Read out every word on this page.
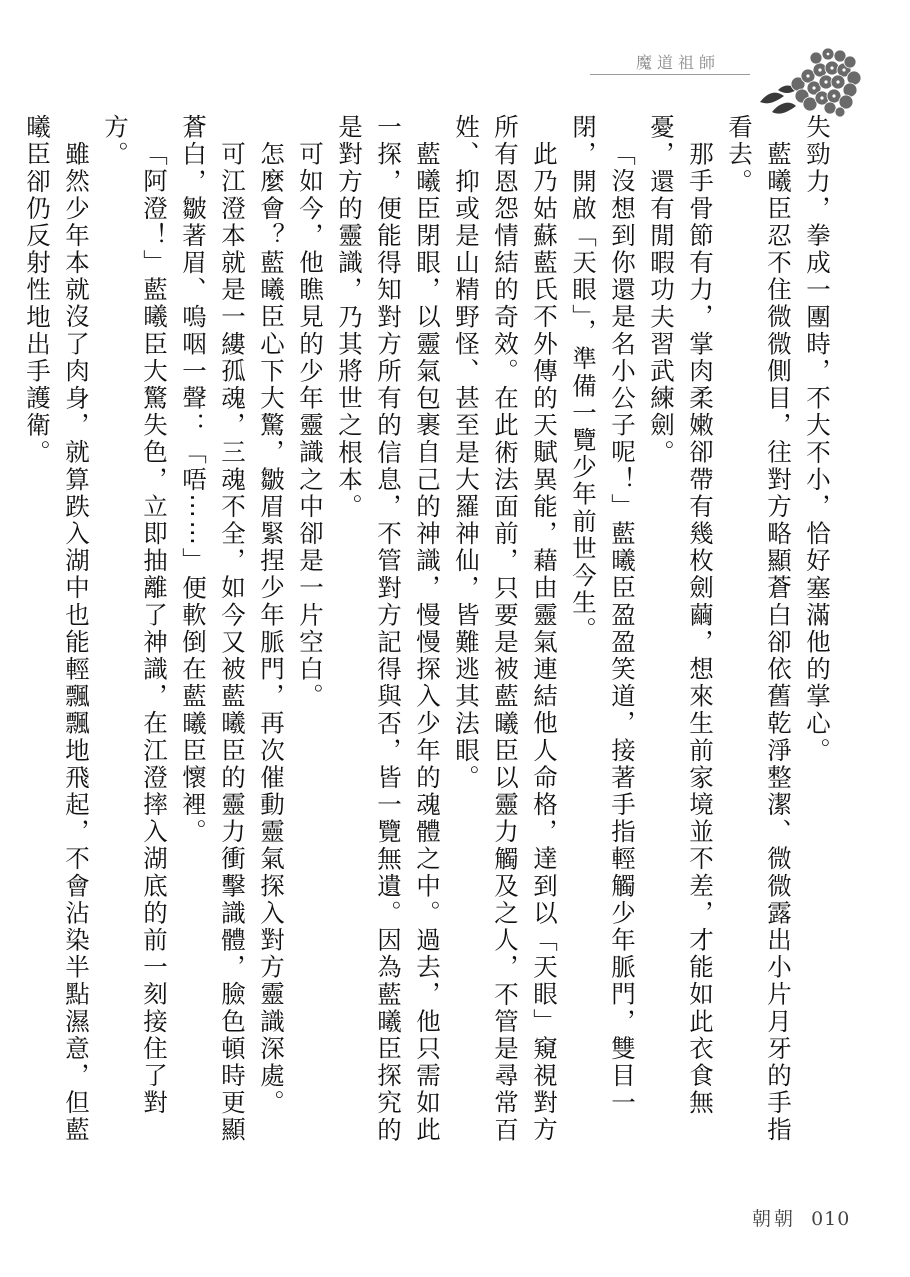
魔道祖師

失勁力，拳成一團時，不大不小，恰好塞滿他的掌心。

藍曦臣忍不住微微側目，往對方略顯蒼白卻依舊乾淨整潔、微微露出小片月牙的手指看去。

那手骨節有力，掌肉柔嫩卻帶有幾枚劍繭，想來生前家境並不差，才能如此衣食無憂，還有閒暇功夫習武練劍。

「沒想到你還是名小公子呢！」藍曦臣盈盈笑道，接著手指輕觸少年脈門，雙目一閉，開啟「天眼」，準備一覽少年前世今生。

此乃姑蘇藍氏不外傳的天賦異能，藉由靈氣連結他人命格，達到以「天眼」窺視對方所有恩怨情結的奇效。在此術法面前，只要是被藍曦臣以靈力觸及之人，不管是尋常百姓、抑或是山精野怪、甚至是大羅神仙，皆難逃其法眼。

藍曦臣閉眼，以靈氣包裹自己的神識，慢慢探入少年的魂體之中。過去，他只需如此一探，便能得知對方所有的信息，不管對方記得與否，皆一覽無遺。因為藍曦臣探究的是對方的靈識，乃其將世之根本。

可如今，他瞧見的少年靈識之中卻是一片空白。

怎麼會？藍曦臣心下大驚，皺眉緊捏少年脈門，再次催動靈氣探入對方靈識深處。

可江澄本就是一縷孤魂，三魂不全，如今又被藍曦臣的靈力衝擊識體，臉色頓時更顯蒼白，皺著眉、嗚咽一聲：「唔⋯⋯」便軟倒在藍曦臣懷裡。

「阿澄！」藍曦臣大驚失色，立即抽離了神識，在江澄摔入湖底的前一刻接住了對方。

雖然少年本就沒了肉身，就算跌入湖中也能輕飄飄地飛起，不會沾染半點濕意，但藍曦臣卻仍反射性地出手護衛。

朝朝 010
